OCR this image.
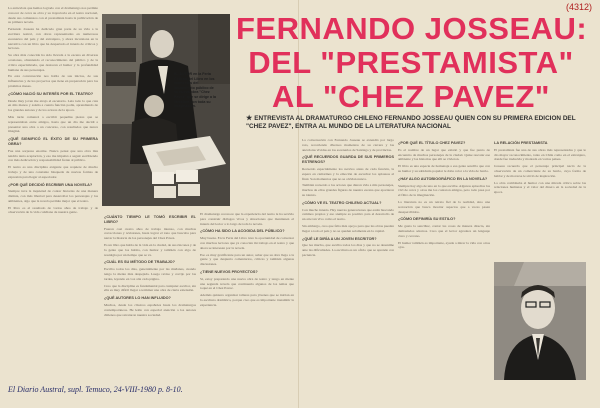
(4312)

La entrevista que hemos logrado con el dramaturgo nos permite conocer de cerca su obra y su trayectoria en el teatro nacional, desde sus comienzos con el prestamista hasta la publicación de su primera novela.

Fernando Josseau ha dedicado gran parte de su vida a la escritura teatral, con obras representadas en numerosos escenarios del país y del extranjero, y ahora incursiona en la narrativa con un libro que ha despertado el interés de críticos y lectores.

Su obra más conocida ha sido llevada a la escena en diversas ocasiones, obteniendo el reconocimiento del público y de la crítica especializada, que destacan el humor y la profundidad humana de sus personajes.

En esta conversación nos habla de sus inicios, de sus influencias y de los proyectos que tiene en preparación para los próximos meses.

¿CÓMO NACIÓ SU INTERÉS POR EL TEATRO?

Desde muy joven me atrajo el escenario. Leía todo lo que caía en mis manos y asistía a cuanta función podía, aprendiendo de los grandes autores y de los actores de la época.

Más tarde comencé a escribir pequeñas piezas que se representaban entre amigos, hasta que un día me decidí a presentar una obra a un concurso, con resultados que nunca imaginé.

¿QUÉ SIGNIFICÓ EL ÉXITO DE SU PRIMERA OBRA?

Fue una sorpresa enorme. Nunca pensé que una obra mía tendría tanta aceptación, y eso me impulsó a seguir escribiendo con más dedicación y responsabilidad frente al público.

El teatro es una disciplina exigente que requiere de mucho trabajo y de una constante búsqueda de nuevas formas de expresión para llegar al espectador.

¿POR QUÉ DECIDIÓ ESCRIBIR UNA NOVELA?

Siempre tuve la inquietud de contar historias de una manera distinta, con más libertad para desarrollar los personajes y los ambientes, algo que la novela permite mejor que el teatro.

El libro es el resultado de varios años de trabajo y de observación de la vida cotidiana de nuestra gente.

EL AUTOR en la Feria Chilena del Libro en los momentos del lanzamiento público de su nueva obra "Chez Pavez" que se dirige a la literatura con toda su imaginación.
FERNANDO JOSSEAU:
DEL "PRESTAMISTA"
AL "CHEZ PAVEZ"
★ ENTREVISTA AL DRAMATURGO CHILENO FERNANDO JOSSEAU QUIEN CON SU PRIMERA EDICION DEL "CHEZ PAVEZ", ENTRA AL MUNDO DE LA LITERATURA NACIONAL
¿CUÁNTO TIEMPO LE TOMÓ ESCRIBIR EL LIBRO?

Fueron casi cuatro años de trabajo intenso, con muchas correcciones y revisiones, hasta lograr el tono que buscaba para narrar la historia de los personajes del Chez Pavez.

Es un libro que habla de la vida en la ciudad, de sus rincones y de la gente que los habita, con humor y también con algo de nostalgia por un tiempo que se va.

¿CUÁL ES SU MÉTODO DE TRABAJO?

Escribo todos los días, generalmente por las mañanas, cuando tengo la mente más despejada. Luego reviso y corrijo por las tardes, leyendo en voz alta cada página.

Creo que la disciplina es fundamental para cualquier escritor, sin ella es muy difícil llegar a terminar una obra de cierta extensión.

¿QUÉ AUTORES LO HAN INFLUIDO?

Muchos, desde los clásicos españoles hasta los dramaturgos contemporáneos. He leído con especial atención a los autores chilenos que retrataron nuestra sociedad.

El dramaturgo reconoce que la experiencia del teatro le ha servido para construir diálogos vivos y situaciones que mantienen el interés del lector a lo largo de toda la novela.

¿CÓMO HA SIDO LA ACOGIDA DEL PÚBLICO?

Muy buena. En la Feria del Libro tuve la oportunidad de conversar con muchos lectores que ya conocían mi trabajo en el teatro y que ahora se interesan por la novela.

Eso es muy gratificante para un autor, saber que su obra llega a la gente y que despierta comentarios, críticas y también algunas discusiones.

¿TIENE NUEVOS PROYECTOS?

Sí, estoy preparando una nueva obra de teatro y tengo en mente una segunda novela que continuaría algunos de los temas que toqué en el Chez Pavez.

Además quisiera organizar talleres para jóvenes que se inician en la escritura dramática, porque creo que es importante transmitir la experiencia.

La conversación con Fernando Josseau se extendió por largo rato, recorriendo diversos momentos de su carrera y las anécdotas vividas en los escenarios de Santiago y de provincias.

¿QUÉ RECUERDOS GUARDA DE SUS PRIMEROS ESTRENOS?

Recuerdo especialmente los nervios antes de cada función, la espera en camarines y la emoción de escuchar los aplausos al final. Son momentos que no se olvidan nunca.

También recuerdo a los actores que dieron vida a mis personajes, muchos de ellos grandes figuras de nuestra escena que aportaron su talento.

¿CÓMO VE EL TEATRO CHILENO ACTUAL?

Con mucho interés. Hay nuevas generaciones que están buscando caminos propios y eso siempre es positivo para el desarrollo de un arte tan vivo como el teatro.

Sin embargo, creo que falta más apoyo para que las obras puedan llegar a todo el país y no se queden solamente en la capital.

¿QUÉ LE DIRÍA A UN JOVEN ESCRITOR?

Que lea mucho, que escriba todos los días y que no se desanime ante las dificultades. La escritura es un oficio que se aprende con paciencia.

¿POR QUÉ EL TÍTULO CHEZ PAVEZ?

Es el nombre de un lugar que existió y que fue punto de encuentro de muchos personajes de la ciudad. Quise rescatar ese ambiente y las historias que allí se vivieron.

El libro es una especie de homenaje a esa gente sencilla que con su humor y su sabiduría popular le daba color a la vida de barrio.

¿HAY ALGO AUTOBIOGRÁFICO EN LA NOVELA?

Siempre hay algo de uno en lo que escribe. Algunos episodios los viví de cerca y otros me los contaron amigos, pero todo pasa por el filtro de la imaginación.

La literatura no es un retrato fiel de la realidad, sino una recreación que busca mostrar aspectos que a veces pasan desapercibidos.

¿CÓMO DEFINIRÍA SU ESTILO?

Me gusta la sencillez, contar las cosas de manera directa, sin demasiados adornos. Creo que el lector agradece un lenguaje claro y cercano.

El humor también es importante, ayuda a mirar la vida con otros ojos.

LA RELACIÓN PRESTAMISTA

El prestamista fue una de sus obras más representadas y que le dio mayor reconocimiento, tanto en Chile como en el extranjero, donde fue traducida y montada en varios países.

Josseau recuerda que el personaje principal nació de la observación de un comerciante de su barrio, cuya forma de hablar y de moverse le sirvió de inspiración.

La obra combinaba el humor con una mirada crítica sobre las relaciones humanas y el valor del dinero en la sociedad de la época.

El Diario Austral, supl. Temuco, 24-VIII-1980 p. 8-10.
